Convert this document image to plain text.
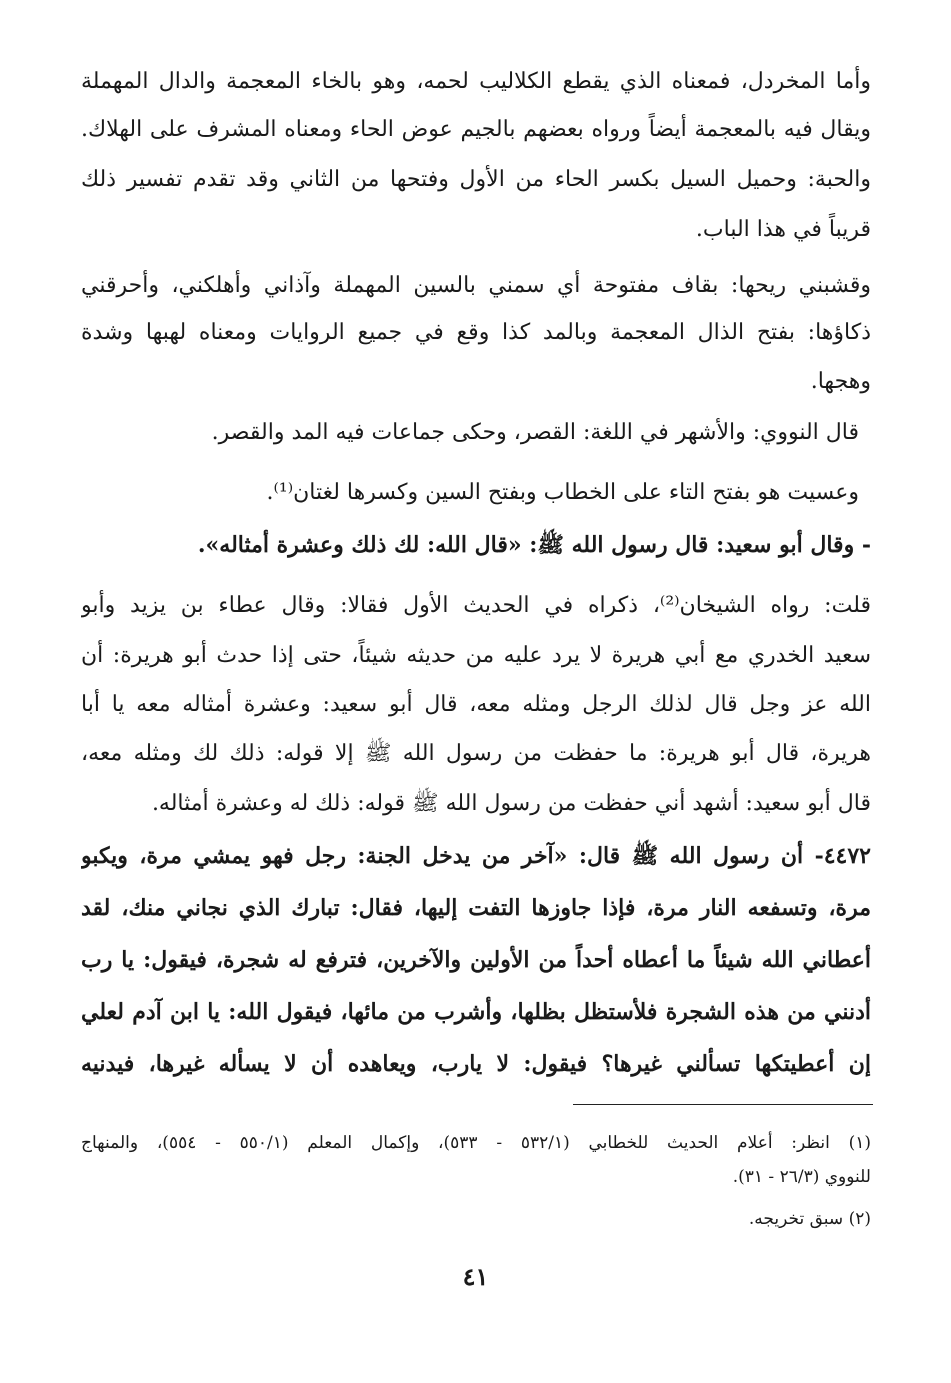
وأما المخردل، فمعناه الذي يقطع الكلاليب لحمه، وهو بالخاء المعجمة والدال المهملة
ويقال فيه بالمعجمة أيضاً ورواه بعضهم بالجيم عوض الحاء ومعناه المشرف على الهلاك.
والحبة: وحميل السيل بكسر الحاء من الأول وفتحها من الثاني وقد تقدم تفسير ذلك
قريباً في هذا الباب.
وقشبني ريحها: بقاف مفتوحة أي سمني بالسين المهملة وآذاني وأهلكني، وأحرقني
ذكاؤها: بفتح الذال المعجمة وبالمد كذا وقع في جميع الروايات ومعناه لهبها وشدة
وهجها.
قال النووي: والأشهر في اللغة: القصر، وحكى جماعات فيه المد والقصر.
وعسيت هو بفتح التاء على الخطاب وبفتح السين وكسرها لغتان⁽¹⁾.
- وقال أبو سعيد: قال رسول الله ﷺ: «قال الله: لك ذلك وعشرة أمثاله».
قلت: رواه الشيخان⁽²⁾، ذكراه في الحديث الأول فقالا: وقال عطاء بن يزيد وأبو
سعيد الخدري مع أبي هريرة لا يرد عليه من حديثه شيئاً، حتى إذا حدث أبو هريرة: أن
الله عز وجل قال لذلك الرجل ومثله معه، قال أبو سعيد: وعشرة أمثاله معه يا أبا
هريرة، قال أبو هريرة: ما حفظت من رسول الله ﷺ إلا قوله: ذلك لك ومثله معه،
قال أبو سعيد: أشهد أني حفظت من رسول الله ﷺ قوله: ذلك له وعشرة أمثاله.
٤٤٧٢- أن رسول الله ﷺ قال: «آخر من يدخل الجنة: رجل فهو يمشي مرة، ويكبو
مرة، وتسفعه النار مرة، فإذا جاوزها التفت إليها، فقال: تبارك الذي نجاني منك، لقد
أعطاني الله شيئاً ما أعطاه أحداً من الأولين والآخرين، فترفع له شجرة، فيقول: يا رب
أدنني من هذه الشجرة فلأستظل بظلها، وأشرب من مائها، فيقول الله: يا ابن آدم لعلي
إن أعطيتكها تسألني غيرها؟ فيقول: لا يارب، ويعاهده أن لا يسأله غيرها، فيدنيه
(١) انظر: أعلام الحديث للخطابي (٥٣٢/١ - ٥٣٣)، وإكمال المعلم (٥٥٠/١ - ٥٥٤)، والمنهاج
للنووي (٢٦/٣ - ٣١).
(٢) سبق تخريجه.
٤١
